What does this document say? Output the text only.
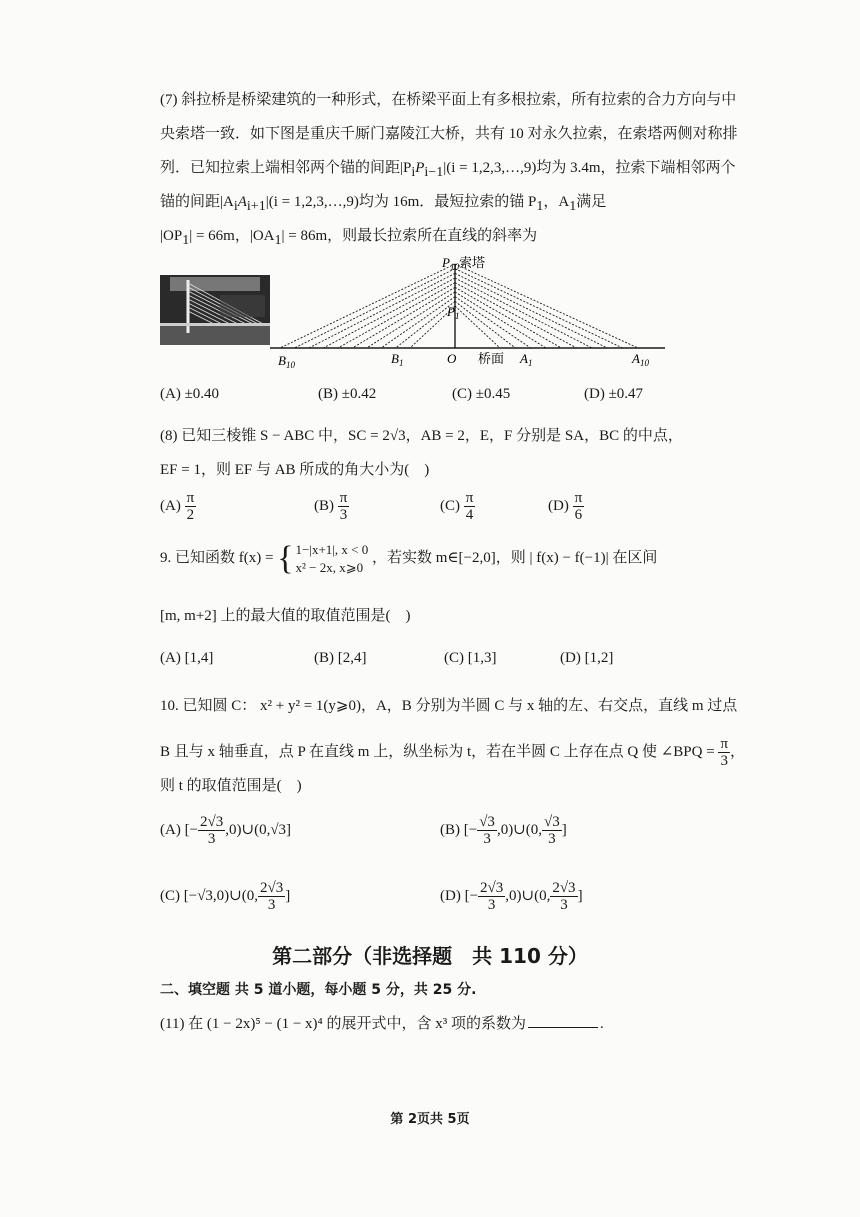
(7) 斜拉桥是桥梁建筑的一种形式，在桥梁平面上有多根拉索，所有拉索的合力方向与中
央索塔一致．如下图是重庆千厮门嘉陵江大桥，共有 10 对永久拉索，在索塔两侧对称排
列．已知拉索上端相邻两个锚的间距$|P_iP_{i-1}|(i$ = 1,2,3,…,9)均为 3.4m，拉索下端相邻两个
锚的间距$|A_iA_{i+1}|(i$ = 1,2,3,…,9)均为 16m．最短拉索的锚 $P_1$，$A_1$满足
$|OP_1| = 66m$，$|OA_1| = 86m$，则最长拉索所在直线的斜率为
$P_{10}$ 索塔
$P_1$
$B_{10}$	$B_1$	O 桥面 $A_1$	$A_{10}$
(A) ±0.40	(B) ±0.42	(C) ±0.45	(D) ±0.47
(8) 已知三棱锥 S − ABC 中，SC = 2√3，AB = 2，E，F 分别是 SA，BC 的中点，
EF = 1，则 EF 与 AB 所成的角大小为(　)
$(A) \frac{\pi}{2}$	$(B) \frac{\pi}{3}$	$(C) \frac{\pi}{4}$	$(D) \frac{\pi}{6}$
9. 已知函数 f(x) = { 1−|x+1|, x < 0
x² − 2x, x⩾0
，若实数 m∈[−2,0]，则 | f(x) − f(−1)| 在区间
[m, m+2] 上的最大值的取值范围是(　)
(A) [1,4]	(B) [2,4]	(C) [1,3]	(D) [1,2]
10. 已知圆 C： x² + y² = 1(y⩾0)，A，B 分别为半圆 C 与 x 轴的左、右交点，直线 m 过点
B 且与 x 轴垂直，点 P 在直线 m 上，纵坐标为 t，若在半圆 C 上存在点 Q 使 ∠BPQ = $\frac{\pi}{3}$ ，
则 t 的取值范围是(　)
(A) [− $\frac{2√3}{3}$ ,0)∪(0,√3]	(B) [− $\frac{√3}{3}$ ,0)∪(0, $\frac{√3}{3}$ ]
(C) [−√3,0)∪(0, $\frac{2√3}{3}$ ]	(D) [− $\frac{2√3}{3}$ ,0)∪(0, $\frac{2√3}{3}$ ]
第二部分（非选择题　共 110 分）
二、填空题 共 5 道小题，每小题 5 分，共 25 分.
(11) 在 (1 − 2x)⁵ − (1 − x)⁴ 的展开式中，含 x³ 项的系数为	.
第 2页共 5页
